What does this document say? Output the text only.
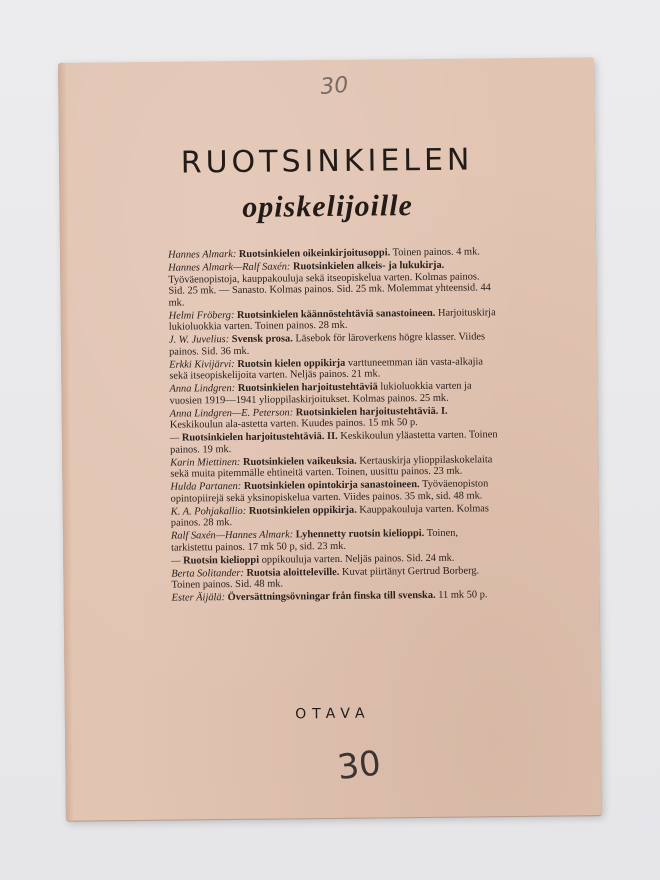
30
RUOTSINKIELEN
opiskelijoille

Hannes Almark: Ruotsinkielen oikeinkirjoitusoppi. Toinen painos. 4 mk.

Hannes Almark—Ralf Saxén: Ruotsinkielen alkeis- ja lukukirja. Työväenopistoja, kauppakouluja sekä itseopiskelua varten. Kolmas painos. Sid. 25 mk. — Sanasto. Kolmas painos. Sid. 25 mk. Molemmat yhteensid. 44 mk.

Helmi Fröberg: Ruotsinkielen käännöstehtäviä sanastoineen. Harjoituskirja lukioluokkia varten. Toinen painos. 28 mk.

J. W. Juvelius: Svensk prosa. Läsebok för läroverkens högre klasser. Viides painos. Sid. 36 mk.

Erkki Kivijärvi: Ruotsin kielen oppikirja varttuneemman iän vasta-alkajia sekä itseopiskelijoita varten. Neljäs painos. 21 mk.

Anna Lindgren: Ruotsinkielen harjoitustehtäviä lukioluokkia varten ja vuosien 1919—1941 ylioppilaskirjoitukset. Kolmas painos. 25 mk.

Anna Lindgren—E. Peterson: Ruotsinkielen harjoitustehtäviä. I. Keskikoulun ala-astetta varten. Kuudes painos. 15 mk 50 p.

— Ruotsinkielen harjoitustehtäviä. II. Keskikoulun yläastetta varten. Toinen painos. 19 mk.

Karin Miettinen: Ruotsinkielen vaikeuksia. Kertauskirja ylioppilaskokelaita sekä muita pitemmälle ehtineitä varten. Toinen, uusittu painos. 23 mk.

Hulda Partanen: Ruotsinkielen opintokirja sanastoineen. Työväenopiston opintopiirejä sekä yksinopiskelua varten. Viides painos. 35 mk, sid. 48 mk.

K. A. Pohjakallio: Ruotsinkielen oppikirja. Kauppakouluja varten. Kolmas painos. 28 mk.

Ralf Saxén—Hannes Almark: Lyhennetty ruotsin kielioppi. Toinen, tarkistettu painos. 17 mk 50 p, sid. 23 mk.

— Ruotsin kielioppi oppikouluja varten. Neljäs painos. Sid. 24 mk.

Berta Solitander: Ruotsia aloitteleville. Kuvat piirtänyt Gertrud Borberg. Toinen painos. Sid. 48 mk.

Ester Äijälä: Översättningsövningar från finska till svenska. 11 mk 50 p.

OTAVA
30
